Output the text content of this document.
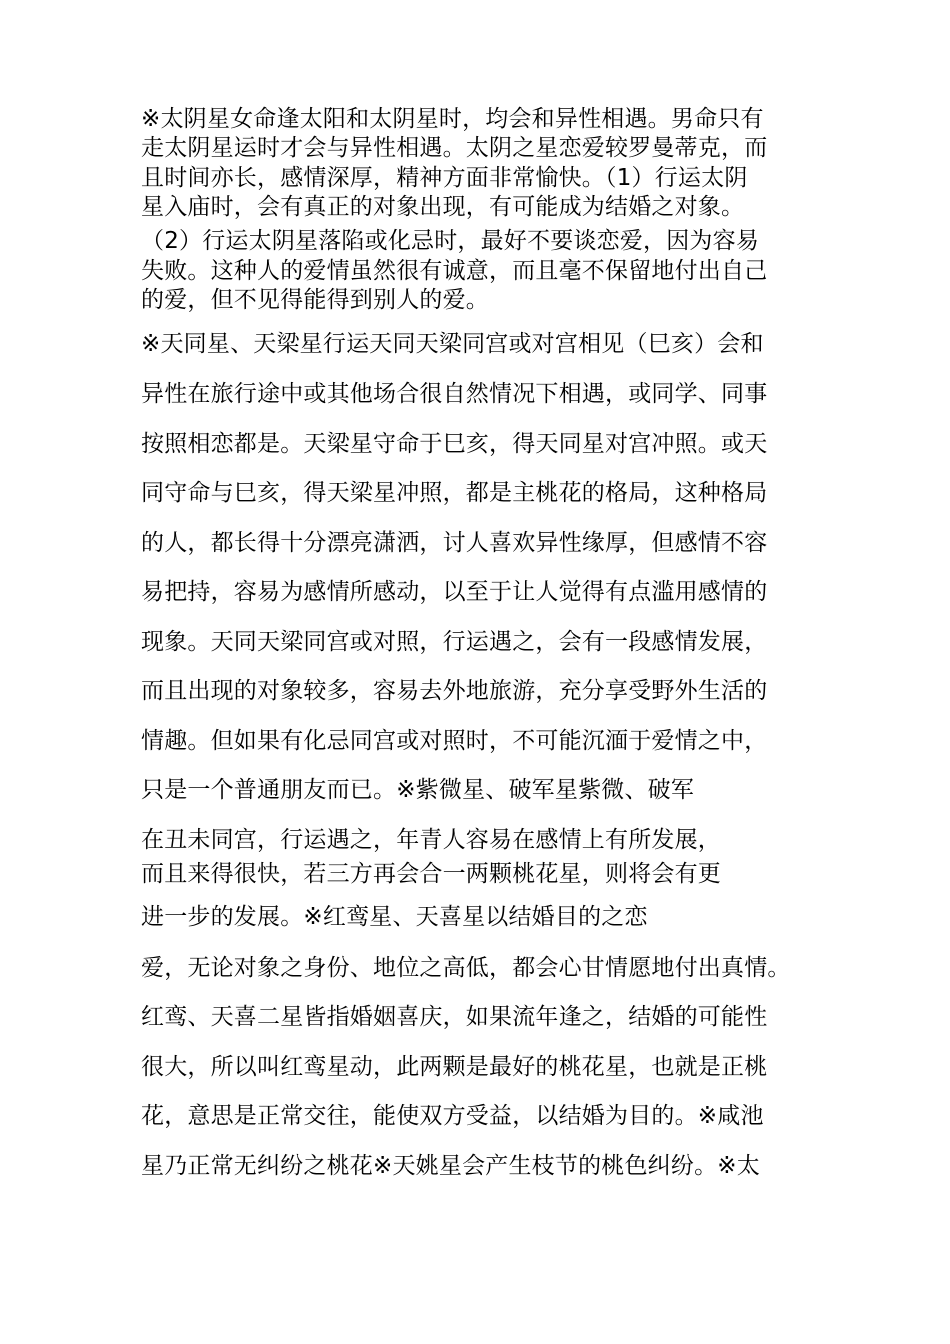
※太阴星女命逢太阳和太阴星时，均会和异性相遇。男命只有
走太阴星运时才会与异性相遇。太阴之星恋爱较罗曼蒂克，而
且时间亦长，感情深厚，精神方面非常愉快。（1）行运太阴
星入庙时，会有真正的对象出现，有可能成为结婚之对象。
（2）行运太阴星落陷或化忌时，最好不要谈恋爱，因为容易
失败。这种人的爱情虽然很有诚意，而且毫不保留地付出自己
的爱，但不见得能得到别人的爱。
※天同星、天梁星行运天同天梁同宫或对宫相见（巳亥）会和
异性在旅行途中或其他场合很自然情况下相遇，或同学、同事
按照相恋都是。天梁星守命于巳亥，得天同星对宫冲照。或天
同守命与巳亥，得天梁星冲照，都是主桃花的格局，这种格局
的人，都长得十分漂亮潇洒，讨人喜欢异性缘厚，但感情不容
易把持，容易为感情所感动，以至于让人觉得有点滥用感情的
现象。天同天梁同宫或对照，行运遇之，会有一段感情发展，
而且出现的对象较多，容易去外地旅游，充分享受野外生活的
情趣。但如果有化忌同宫或对照时，不可能沉湎于爱情之中，
只是一个普通朋友而已。※紫微星、破军星紫微、破军
在丑未同宫，行运遇之，年青人容易在感情上有所发展，
而且来得很快，若三方再会合一两颗桃花星，则将会有更
进一步的发展。※红鸾星、天喜星以结婚目的之恋
爱，无论对象之身份、地位之高低，都会心甘情愿地付出真情。
红鸾、天喜二星皆指婚姻喜庆，如果流年逢之，结婚的可能性
很大，所以叫红鸾星动，此两颗是最好的桃花星，也就是正桃
花，意思是正常交往，能使双方受益，以结婚为目的。※咸池
星乃正常无纠纷之桃花※天姚星会产生枝节的桃色纠纷。※太
